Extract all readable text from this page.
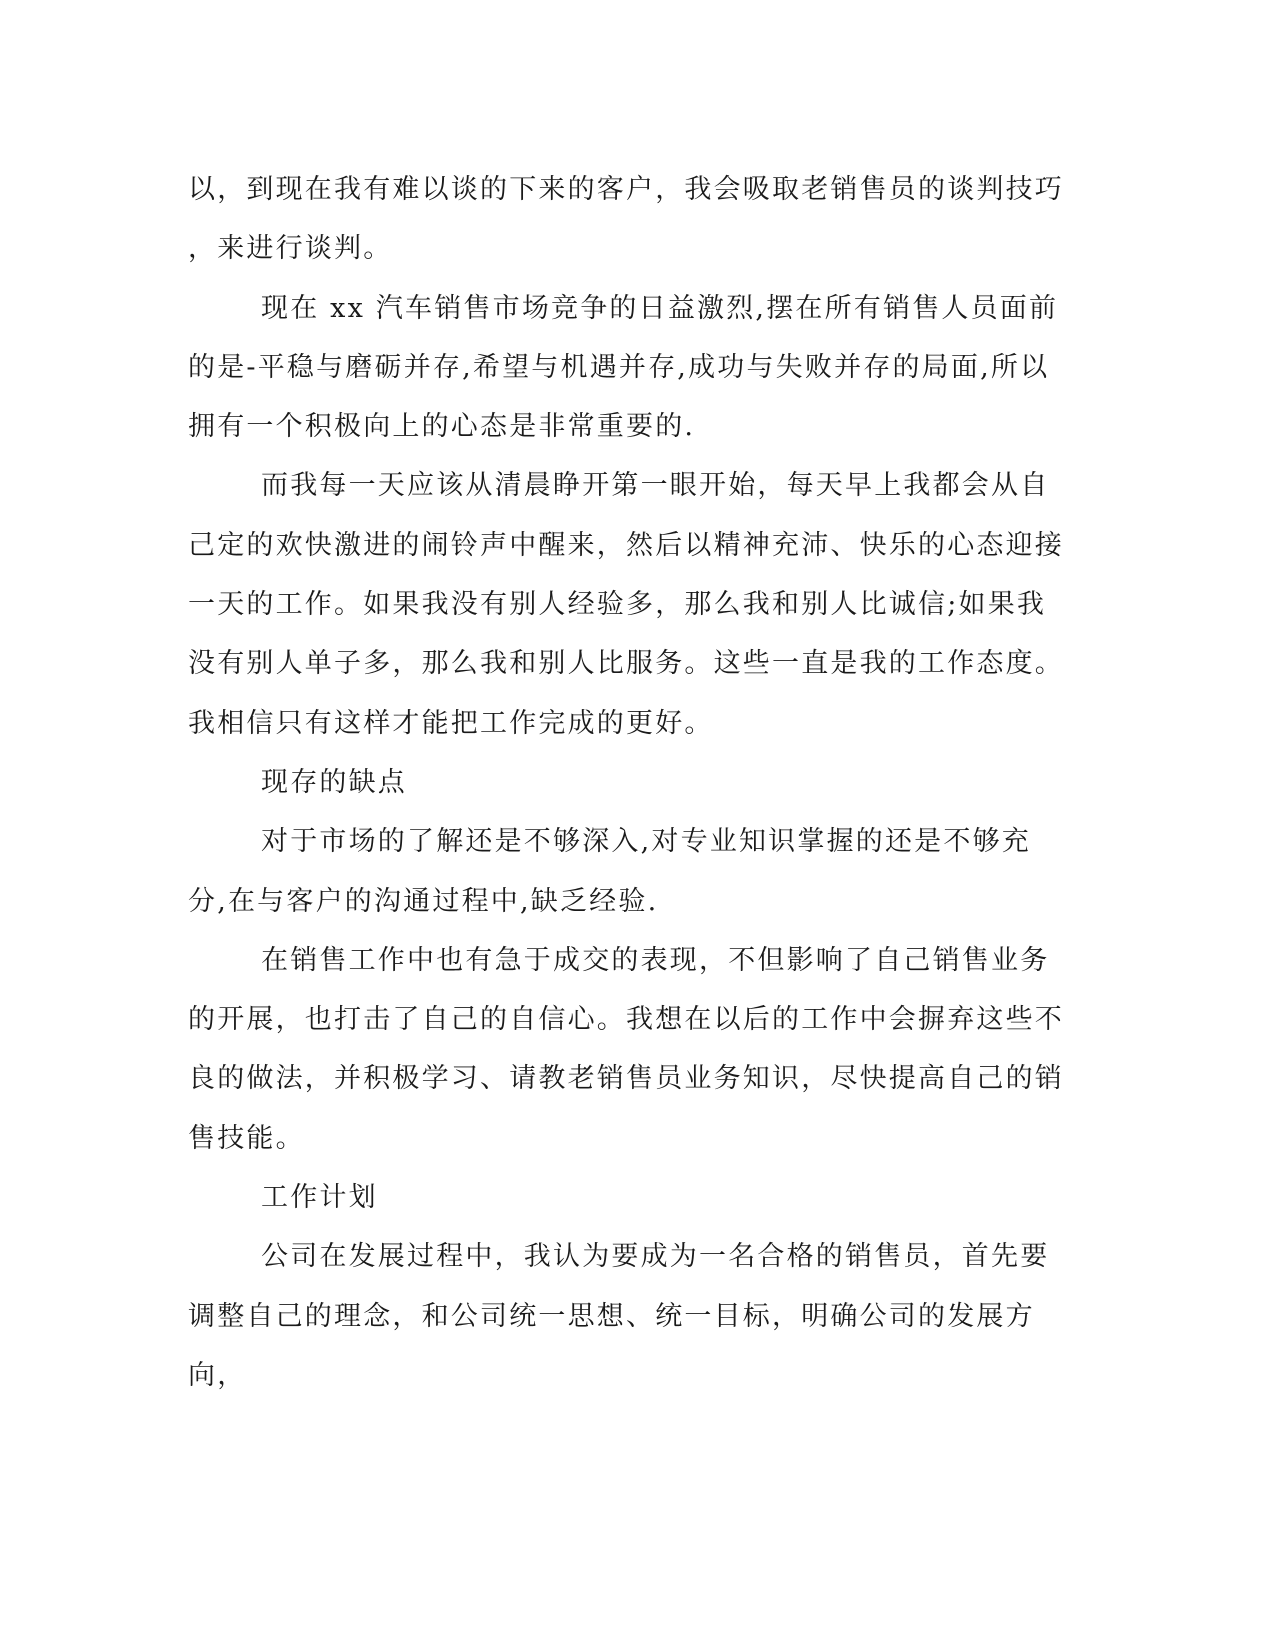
以，到现在我有难以谈的下来的客户，我会吸取老销售员的谈判技巧

，来进行谈判。

现在 xx 汽车销售市场竞争的日益激烈,摆在所有销售人员面前的是-平稳与磨砺并存,希望与机遇并存,成功与失败并存的局面,所以拥有一个积极向上的心态是非常重要的.

而我每一天应该从清晨睁开第一眼开始，每天早上我都会从自己定的欢快激进的闹铃声中醒来，然后以精神充沛、快乐的心态迎接一天的工作。如果我没有别人经验多，那么我和别人比诚信;如果我没有别人单子多，那么我和别人比服务。这些一直是我的工作态度。我相信只有这样才能把工作完成的更好。

现存的缺点

对于市场的了解还是不够深入,对专业知识掌握的还是不够充分,在与客户的沟通过程中,缺乏经验.

在销售工作中也有急于成交的表现，不但影响了自己销售业务的开展，也打击了自己的自信心。我想在以后的工作中会摒弃这些不良的做法，并积极学习、请教老销售员业务知识，尽快提高自己的销售技能。

工作计划

公司在发展过程中，我认为要成为一名合格的销售员，首先要调整自己的理念，和公司统一思想、统一目标，明确公司的发展方向，
